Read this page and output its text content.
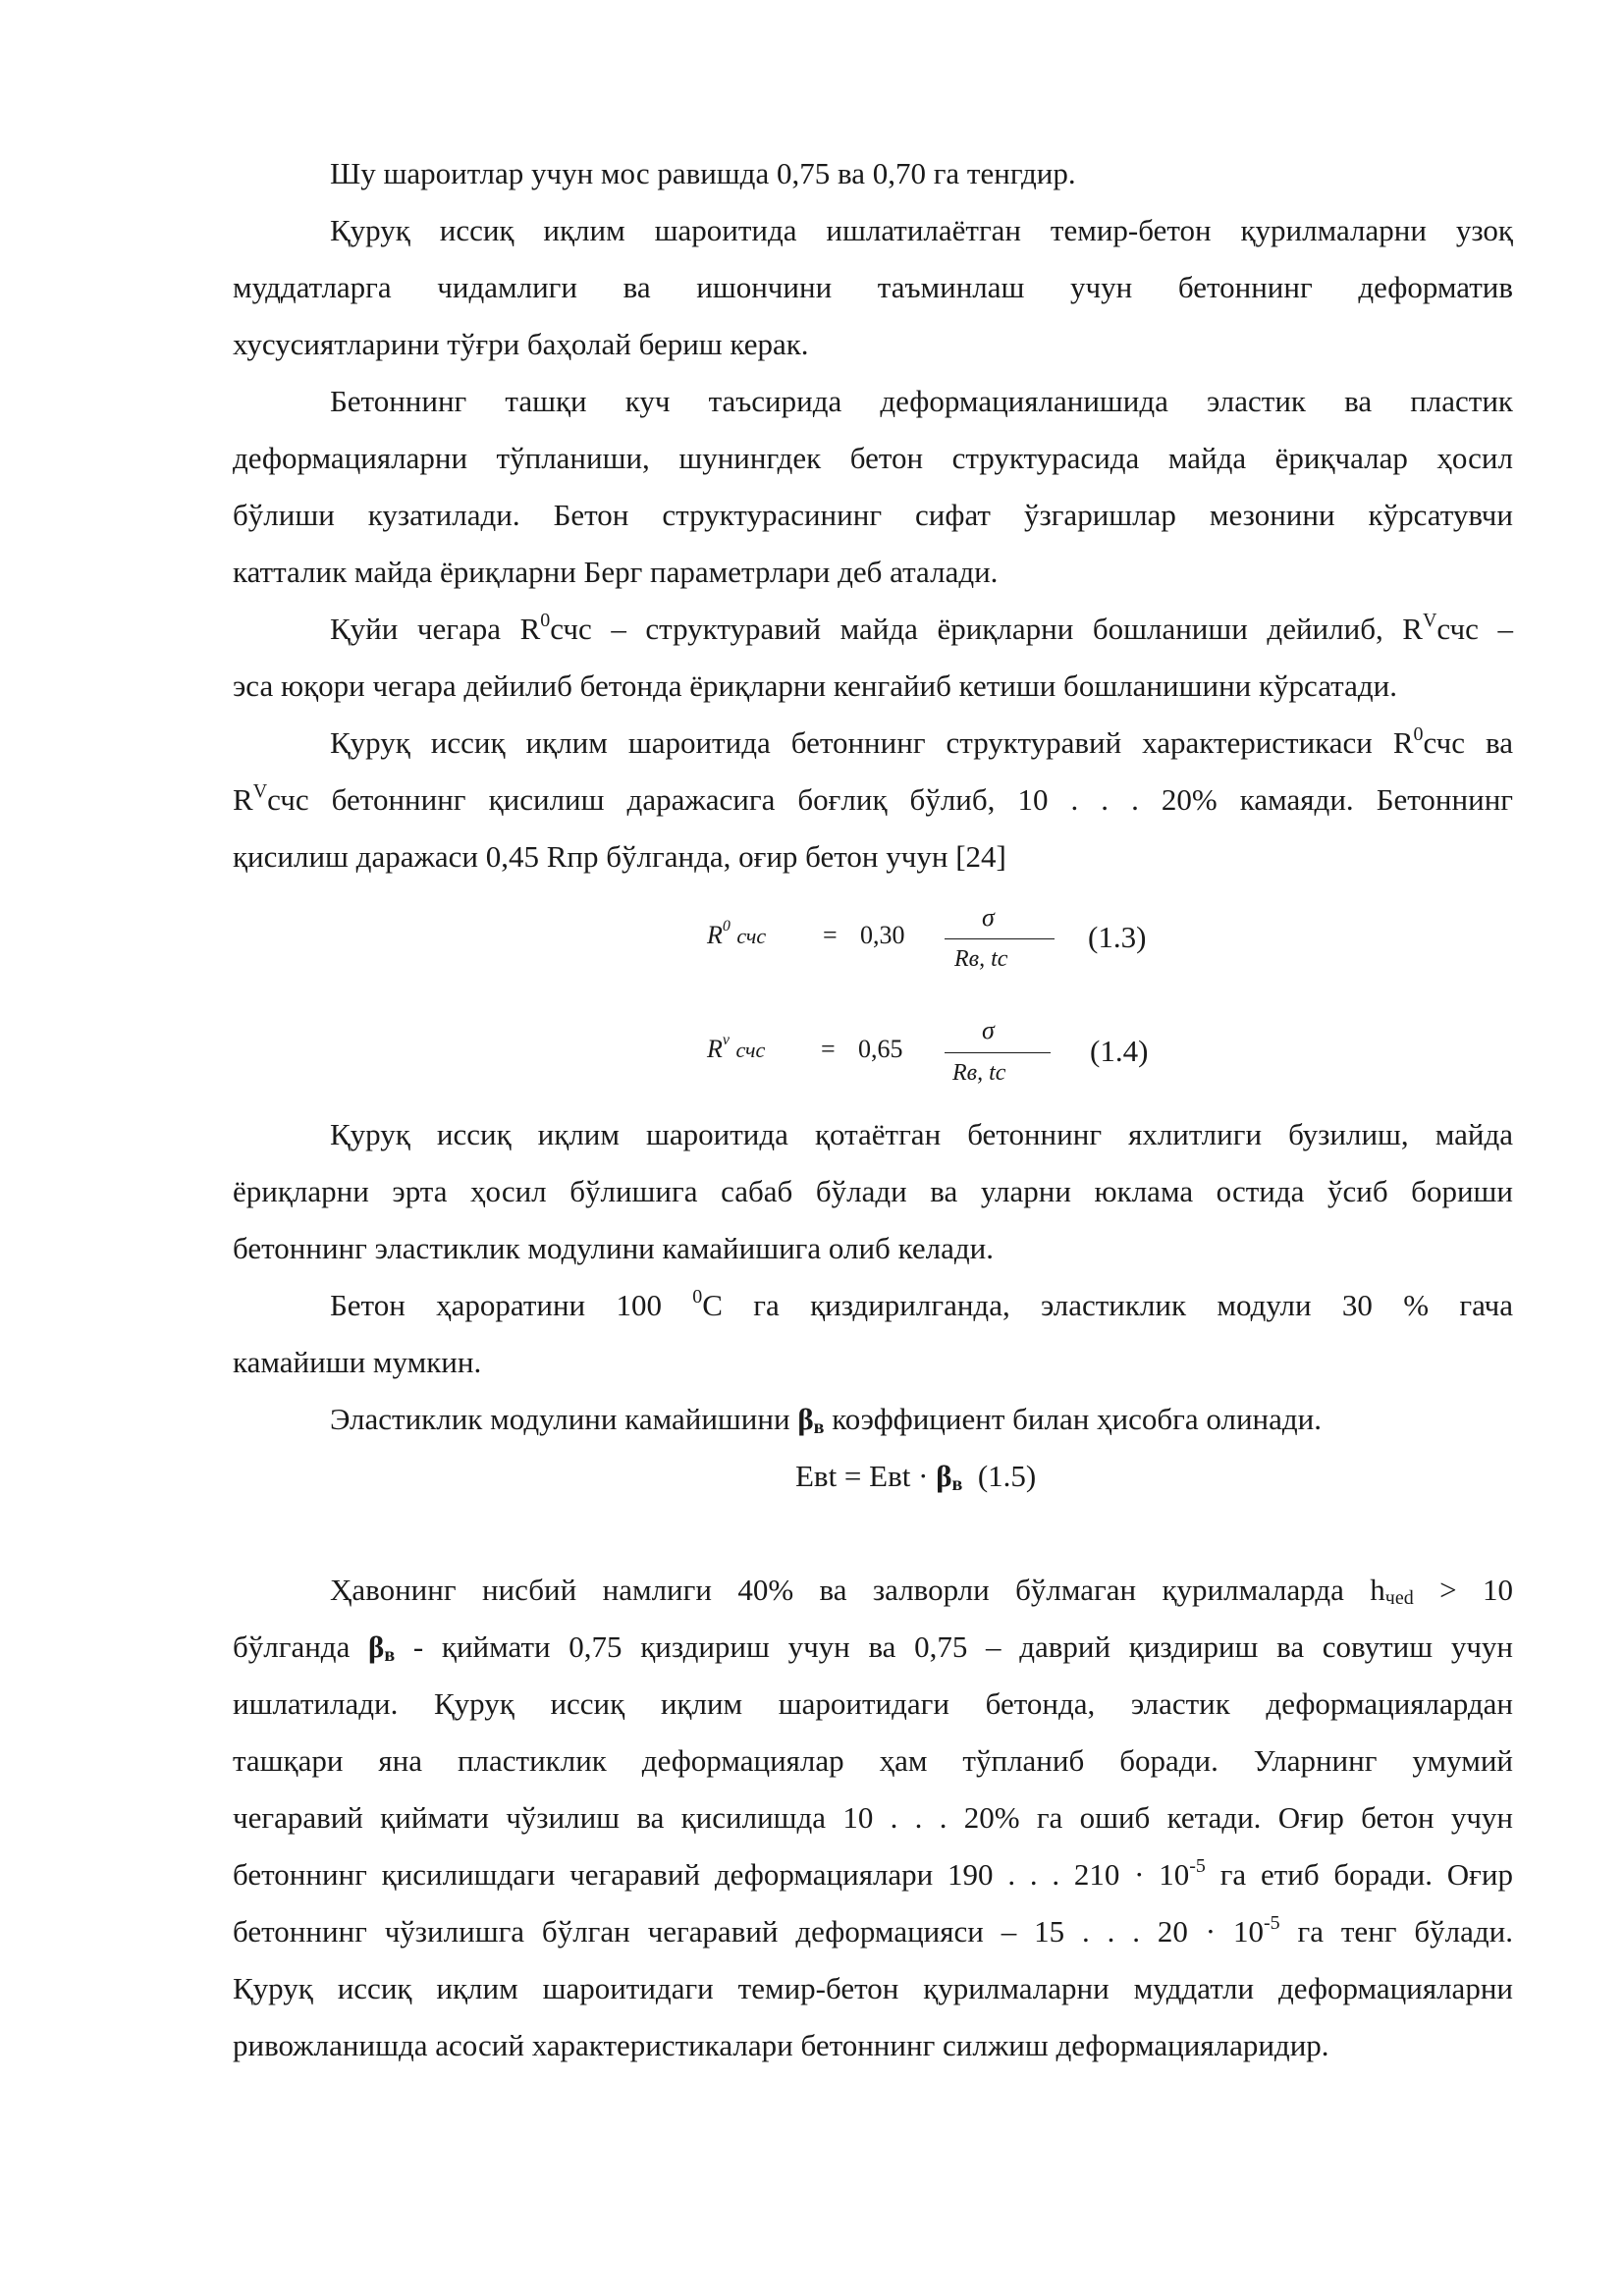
Шу шароитлар учун мос равишда 0,75 ва 0,70 га тенгдир.
Қуруқ иссиқ иқлим шароитида ишлатилаётган темир-бетон қурилмаларни узоқ
муддатларга чидамлиги ва ишончини таъминлаш учун бетоннинг деформатив
хусусиятларини тўғри баҳолай бериш керак.
Бетоннинг ташқи куч таъсирида деформацияланишида эластик ва пластик
деформацияларни тўпланиши, шунингдек бетон структурасида майда ёриқчалар ҳосил
бўлиши кузатилади. Бетон структурасининг сифат ўзгаришлар мезонини кўрсатувчи
катталик майда ёриқларни Берг параметрлари деб аталади.
Қуйи чегара $R^0счс$ – структуравий майда ёриқларни бошланиши дейилиб, $R^Vсчс$ –
эса юқори чегара дейилиб бетонда ёриқларни кенгайиб кетиши бошланишини кўрсатади.
Қуруқ иссиқ иқлим шароитида бетоннинг структуравий характеристикаси $R^0счс$ ва
$R^Vсчс$ бетоннинг қисилиш даражасига боғлиқ бўлиб, 10 . . . 20% камаяди. Бетоннинг
қисилиш даражаси 0,45 Rпр бўлганда, оғир бетон учун [24]
$R^0$ счс = 0,30
σ
Rв, tc
(1.3)
$R^v$ счс = 0,65
σ
Rв, tc
(1.4)
Қуруқ иссиқ иқлим шароитида қотаётган бетоннинг яхлитлиги бузилиш, майда
ёриқларни эрта ҳосил бўлишига сабаб бўлади ва уларни юклама остида ўсиб бориши
бетоннинг эластиклик модулини камайишига олиб келади.
Бетон ҳароратини 100 $^0$С га қиздирилганда, эластиклик модули 30 % гача
камайиши мумкин.
Эластиклик модулини камайишини $\beta_в$ коэффициент билан ҳисобга олинади.
Евt = Евt · $\beta_в$ (1.5)
Ҳавонинг нисбий намлиги 40% ва залворли бўлмаган қурилмаларда $h_{чed} > 10$
бўлганда $\beta_в$ - қиймати 0,75 қиздириш учун ва 0,75 – даврий қиздириш ва совутиш учун
ишлатилади. Қуруқ иссиқ иқлим шароитидаги бетонда, эластик деформациялардан
ташқари яна пластиклик деформациялар ҳам тўпланиб боради. Уларнинг умумий
чегаравий қиймати чўзилиш ва қисилишда 10 . . . 20% га ошиб кетади. Оғир бетон учун
бетоннинг қисилишдаги чегаравий деформациялари 190 . . . $210 \cdot 10^{-5}$ га етиб боради. Оғир
бетоннинг чўзилишга бўлган чегаравий деформацияси – 15 . . . $20 \cdot 10^{-5}$ га тенг бўлади.
Қуруқ иссиқ иқлим шароитидаги темир-бетон қурилмаларни муддатли деформацияларни
ривожланишда асосий характеристикалари бетоннинг силжиш деформацияларидир.
